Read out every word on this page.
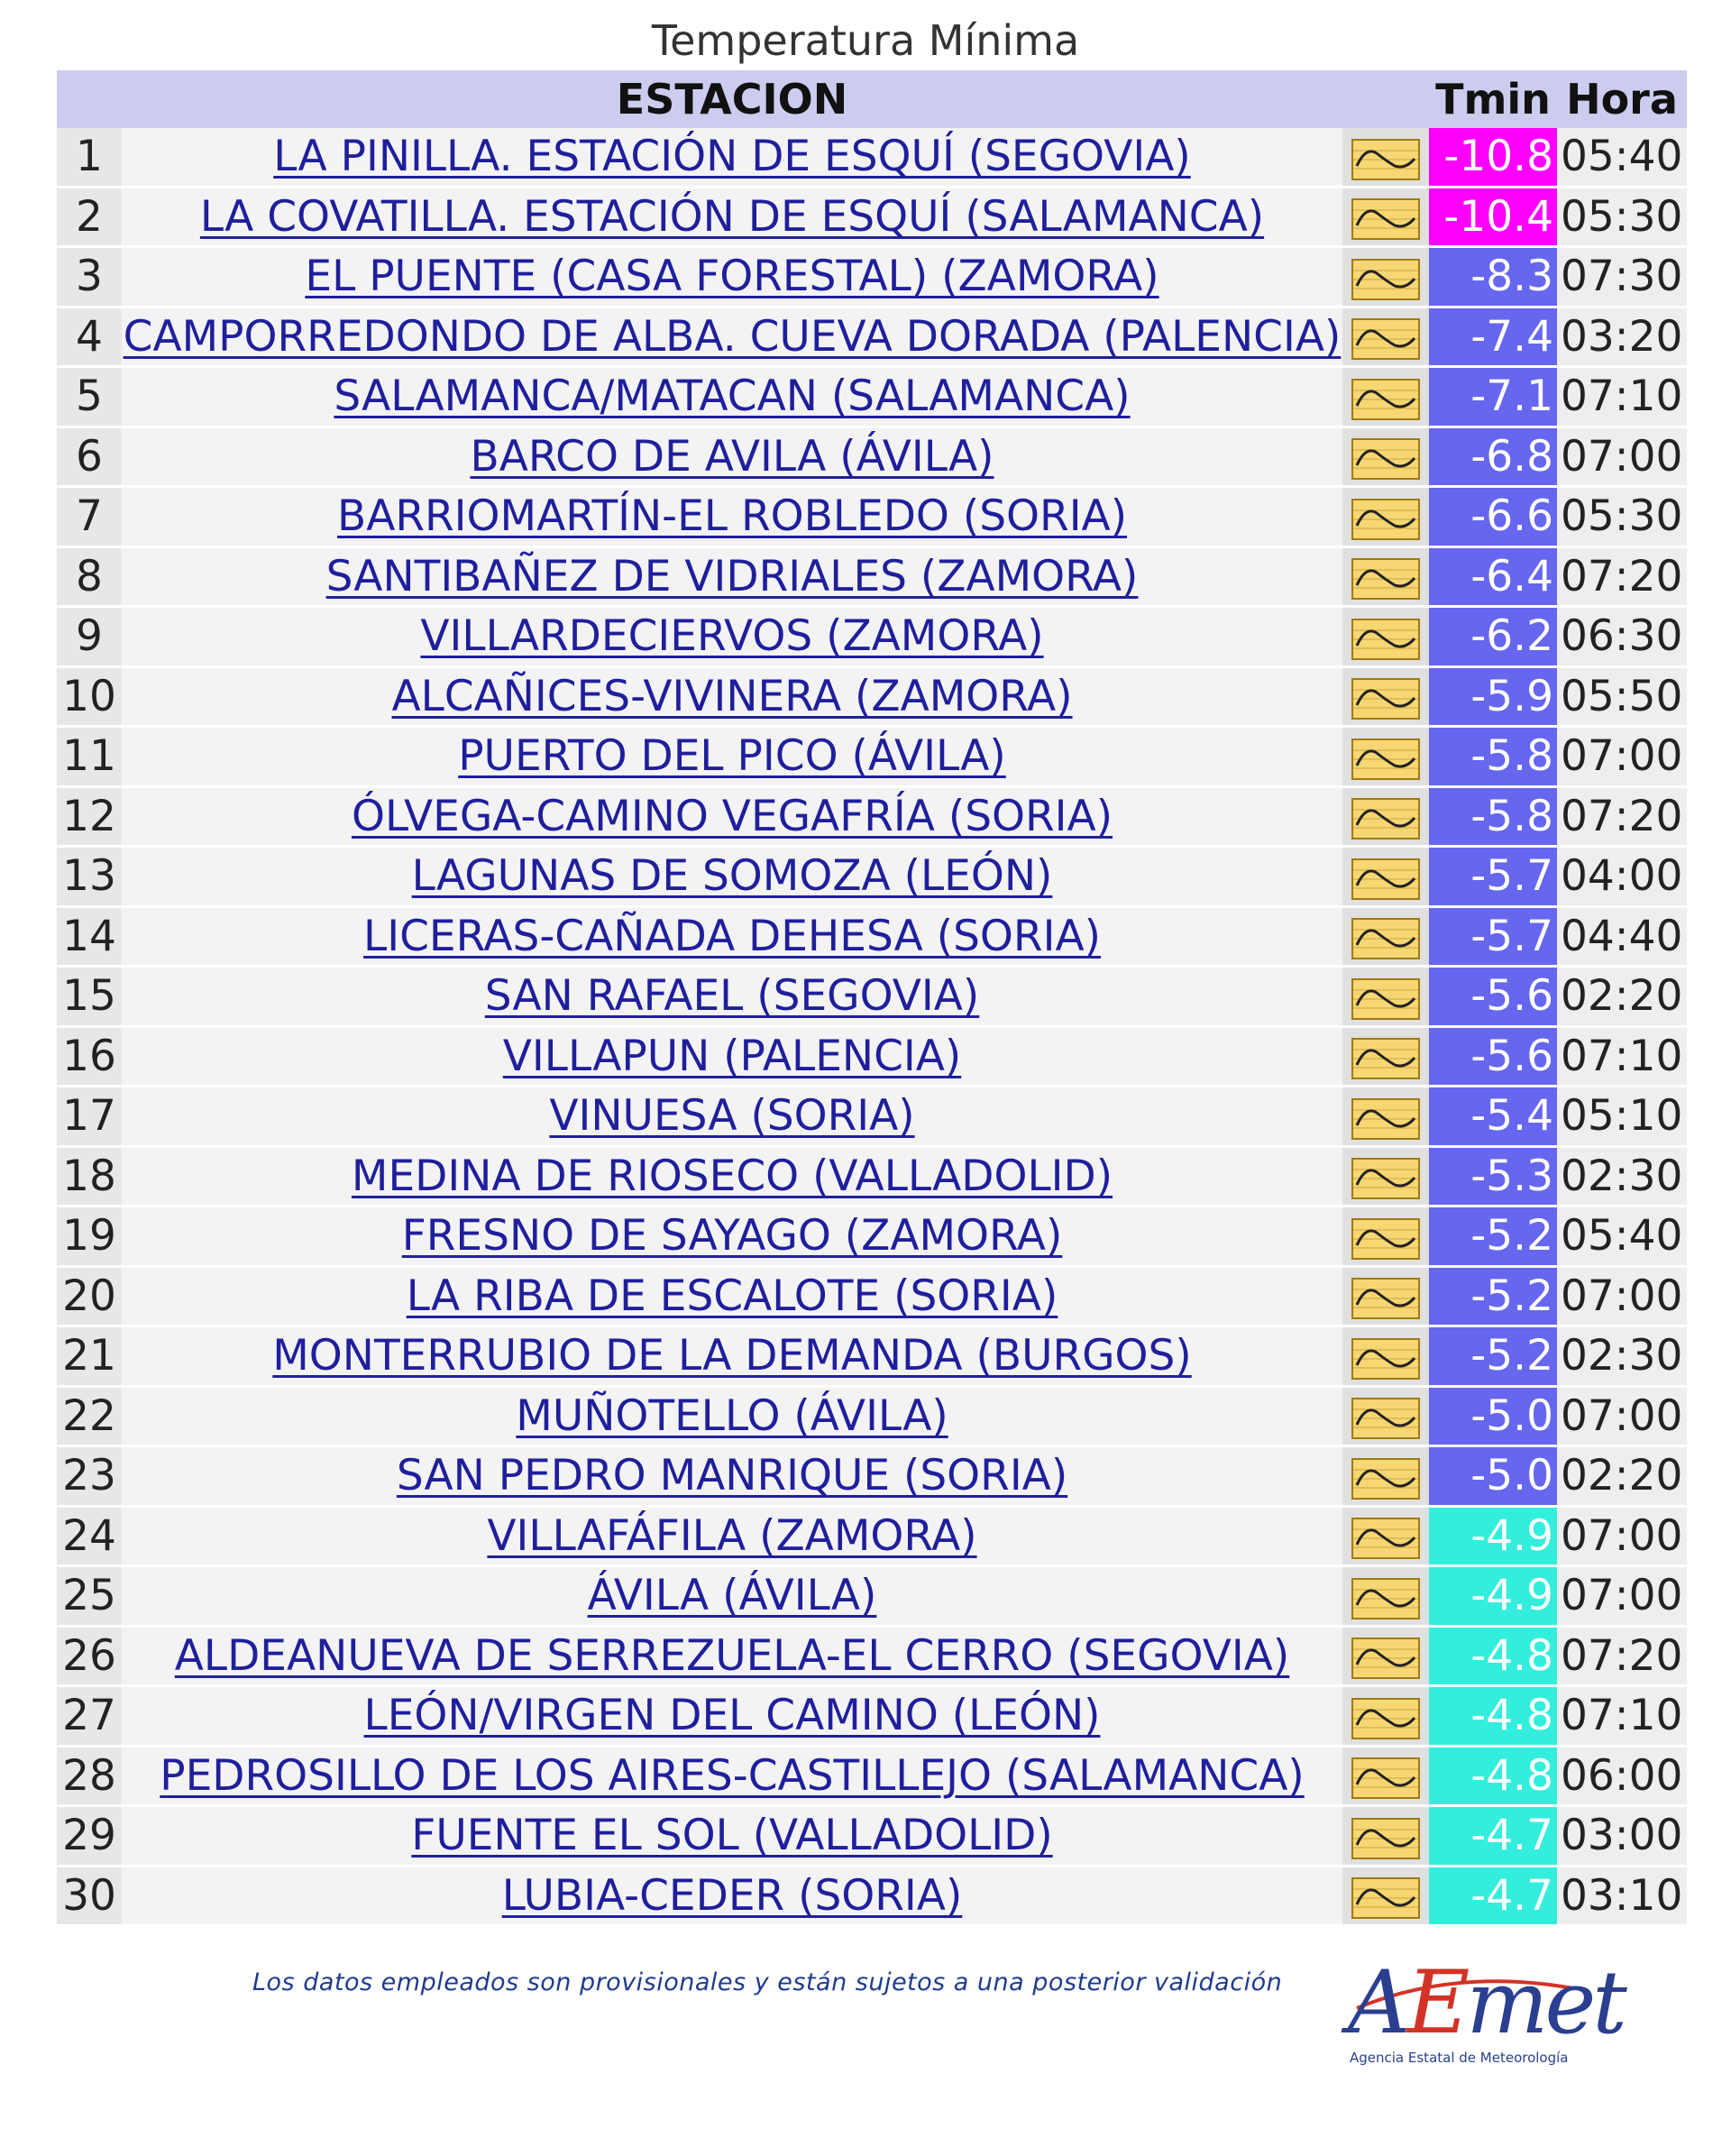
Temperatura Mínima
	ESTACION		Tmin	Hora
1	LA PINILLA. ESTACIÓN DE ESQUÍ (SEGOVIA)		-10.8	05:40
2	LA COVATILLA. ESTACIÓN DE ESQUÍ (SALAMANCA)		-10.4	05:30
3	EL PUENTE (CASA FORESTAL) (ZAMORA)		-8.3	07:30
4	CAMPORREDONDO DE ALBA. CUEVA DORADA (PALENCIA)		-7.4	03:20
5	SALAMANCA/MATACAN (SALAMANCA)		-7.1	07:10
6	BARCO DE AVILA (ÁVILA)		-6.8	07:00
7	BARRIOMARTÍN-EL ROBLEDO (SORIA)		-6.6	05:30
8	SANTIBAÑEZ DE VIDRIALES (ZAMORA)		-6.4	07:20
9	VILLARDECIERVOS (ZAMORA)		-6.2	06:30
10	ALCAÑICES-VIVINERA (ZAMORA)		-5.9	05:50
11	PUERTO DEL PICO (ÁVILA)		-5.8	07:00
12	ÓLVEGA-CAMINO VEGAFRÍA (SORIA)		-5.8	07:20
13	LAGUNAS DE SOMOZA (LEÓN)		-5.7	04:00
14	LICERAS-CAÑADA DEHESA (SORIA)		-5.7	04:40
15	SAN RAFAEL (SEGOVIA)		-5.6	02:20
16	VILLAPUN (PALENCIA)		-5.6	07:10
17	VINUESA (SORIA)		-5.4	05:10
18	MEDINA DE RIOSECO (VALLADOLID)		-5.3	02:30
19	FRESNO DE SAYAGO (ZAMORA)		-5.2	05:40
20	LA RIBA DE ESCALOTE (SORIA)		-5.2	07:00
21	MONTERRUBIO DE LA DEMANDA (BURGOS)		-5.2	02:30
22	MUÑOTELLO (ÁVILA)		-5.0	07:00
23	SAN PEDRO MANRIQUE (SORIA)		-5.0	02:20
24	VILLAFÁFILA (ZAMORA)		-4.9	07:00
25	ÁVILA (ÁVILA)		-4.9	07:00
26	ALDEANUEVA DE SERREZUELA-EL CERRO (SEGOVIA)		-4.8	07:20
27	LEÓN/VIRGEN DEL CAMINO (LEÓN)		-4.8	07:10
28	PEDROSILLO DE LOS AIRES-CASTILLEJO (SALAMANCA)		-4.8	06:00
29	FUENTE EL SOL (VALLADOLID)		-4.7	03:00
30	LUBIA-CEDER (SORIA)		-4.7	03:10
Los datos empleados son provisionales y están sujetos a una posterior validación AEmet
Agencia Estatal de Meteorología
